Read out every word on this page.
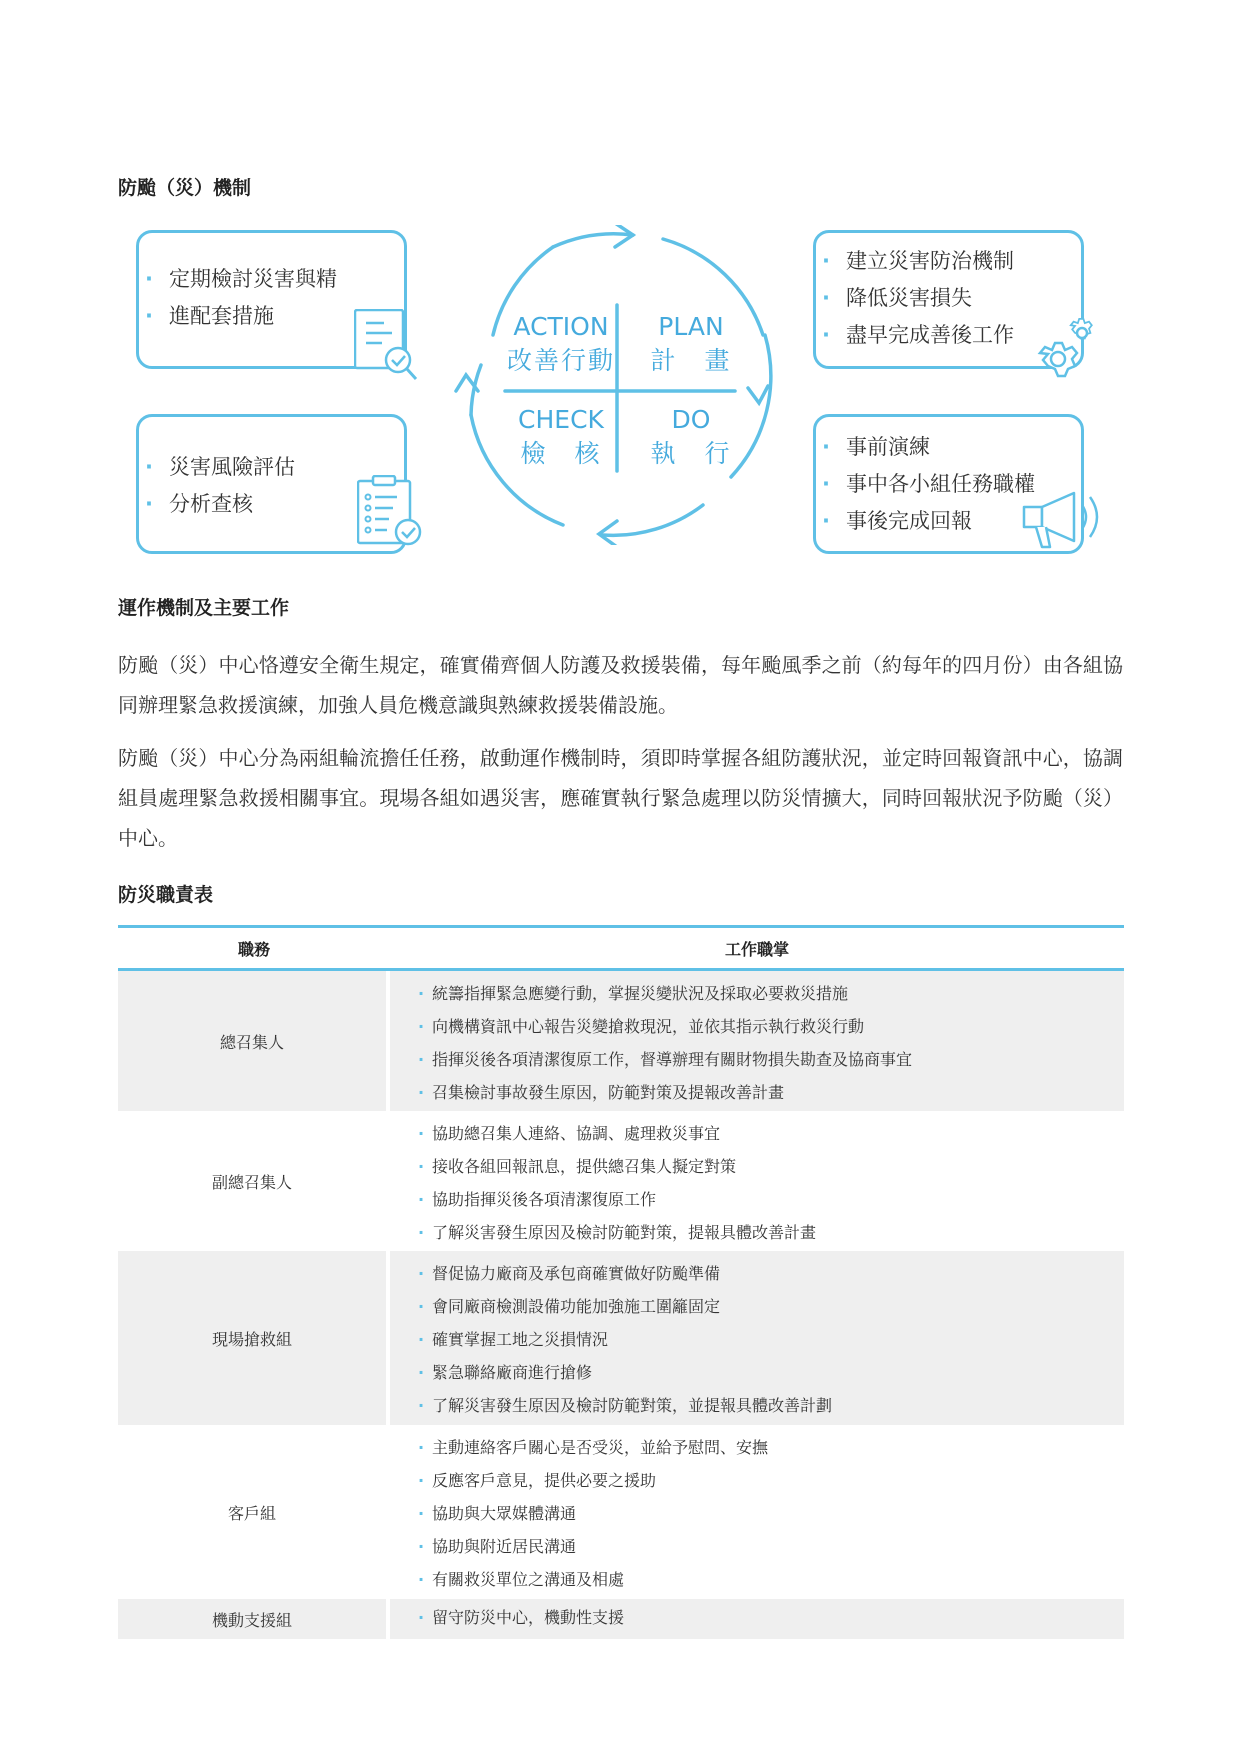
防颱（災）機制
· 定期檢討災害與精
· 進配套措施
· 災害風險評估
· 分析查核
ACTION
改善行動
PLAN
計　畫
CHECK
檢　核
DO
執　行
· 建立災害防治機制
· 降低災害損失
· 盡早完成善後工作
· 事前演練
· 事中各小組任務職權
· 事後完成回報
運作機制及主要工作
防颱（災）中心恪遵安全衛生規定，確實備齊個人防護及救援裝備，每年颱風季之前（約每年的四月份）由各組協同辦理緊急救援演練，加強人員危機意識與熟練救援裝備設施。
防颱（災）中心分為兩組輪流擔任任務，啟動運作機制時，須即時掌握各組防護狀況，並定時回報資訊中心，協調組員處理緊急救援相關事宜。現場各組如遇災害，應確實執行緊急處理以防災情擴大，同時回報狀況予防颱（災）中心。
防災職責表
職務	工作職掌
總召集人
· 統籌指揮緊急應變行動，掌握災變狀況及採取必要救災措施
· 向機構資訊中心報告災變搶救現況，並依其指示執行救災行動
· 指揮災後各項清潔復原工作，督導辦理有關財物損失勘查及協商事宜
· 召集檢討事故發生原因，防範對策及提報改善計畫
副總召集人
· 協助總召集人連絡、協調、處理救災事宜
· 接收各組回報訊息，提供總召集人擬定對策
· 協助指揮災後各項清潔復原工作
· 了解災害發生原因及檢討防範對策，提報具體改善計畫
現場搶救組
· 督促協力廠商及承包商確實做好防颱準備
· 會同廠商檢測設備功能加強施工圍籬固定
· 確實掌握工地之災損情況
· 緊急聯絡廠商進行搶修
· 了解災害發生原因及檢討防範對策，並提報具體改善計劃
客戶組
· 主動連絡客戶關心是否受災，並給予慰問、安撫
· 反應客戶意見，提供必要之援助
· 協助與大眾媒體溝通
· 協助與附近居民溝通
· 有關救災單位之溝通及相處
機動支援組
·	留守防災中心，機動性支援
